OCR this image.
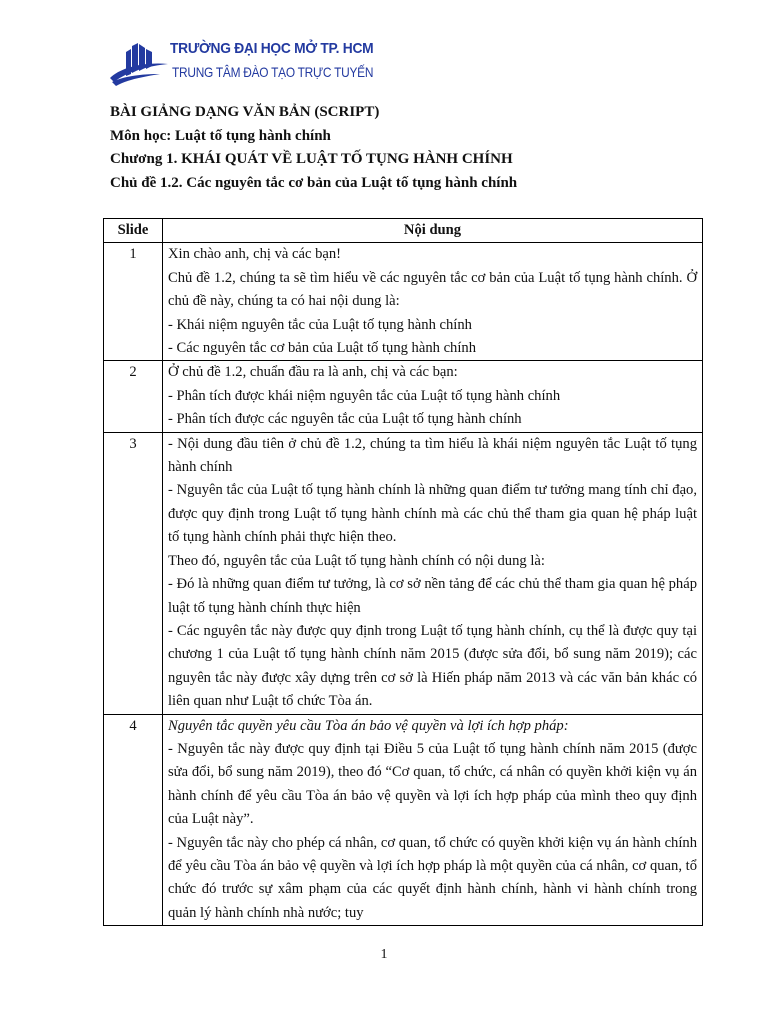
TRƯỜNG ĐẠI HỌC MỞ TP. HCM
TRUNG TÂM ĐÀO TẠO TRỰC TUYẾN
BÀI GIẢNG DẠNG VĂN BẢN (SCRIPT)
Môn học: Luật tố tụng hành chính
Chương 1. KHÁI QUÁT VỀ LUẬT TỐ TỤNG HÀNH CHÍNH
Chủ đề 1.2. Các nguyên tắc cơ bản của Luật tố tụng hành chính
Slide	Nội dung
1	Xin chào anh, chị và các bạn!
Chủ đề 1.2, chúng ta sẽ tìm hiểu về các nguyên tắc cơ bản của Luật tố tụng hành chính. Ở chủ đề này, chúng ta có hai nội dung là:
- Khái niệm nguyên tắc của Luật tố tụng hành chính
- Các nguyên tắc cơ bản của Luật tố tụng hành chính

2	Ở chủ đề 1.2, chuẩn đầu ra là anh, chị và các bạn:
- Phân tích được khái niệm nguyên tắc của Luật tố tụng hành chính
- Phân tích được các nguyên tắc của Luật tố tụng hành chính

3	- Nội dung đầu tiên ở chủ đề 1.2, chúng ta tìm hiểu là khái niệm nguyên tắc Luật tố tụng hành chính
- Nguyên tắc của Luật tố tụng hành chính là những quan điểm tư tưởng mang tính chỉ đạo, được quy định trong Luật tố tụng hành chính mà các chủ thể tham gia quan hệ pháp luật tố tụng hành chính phải thực hiện theo.
Theo đó, nguyên tắc của Luật tố tụng hành chính có nội dung là:
- Đó là những quan điểm tư tưởng, là cơ sở nền tảng để các chủ thể tham gia quan hệ pháp luật tố tụng hành chính thực hiện
- Các nguyên tắc này được quy định trong Luật tố tụng hành chính, cụ thể là được quy tại chương 1 của Luật tố tụng hành chính năm 2015 (được sửa đổi, bổ sung năm 2019); các nguyên tắc này được xây dựng trên cơ sở là Hiến pháp năm 2013 và các văn bản khác có liên quan như Luật tổ chức Tòa án.

4	Nguyên tắc quyền yêu cầu Tòa án bảo vệ quyền và lợi ích hợp pháp:
- Nguyên tắc này được quy định tại Điều 5 của Luật tố tụng hành chính năm 2015 (được sửa đổi, bổ sung năm 2019), theo đó “Cơ quan, tổ chức, cá nhân có quyền khởi kiện vụ án hành chính để yêu cầu Tòa án bảo vệ quyền và lợi ích hợp pháp của mình theo quy định của Luật này”.
- Nguyên tắc này cho phép cá nhân, cơ quan, tổ chức có quyền khởi kiện vụ án hành chính để yêu cầu Tòa án bảo vệ quyền và lợi ích hợp pháp là một quyền của cá nhân, cơ quan, tổ chức đó trước sự xâm phạm của các quyết định hành chính, hành vi hành chính trong quản lý hành chính nhà nước; tuy
1
